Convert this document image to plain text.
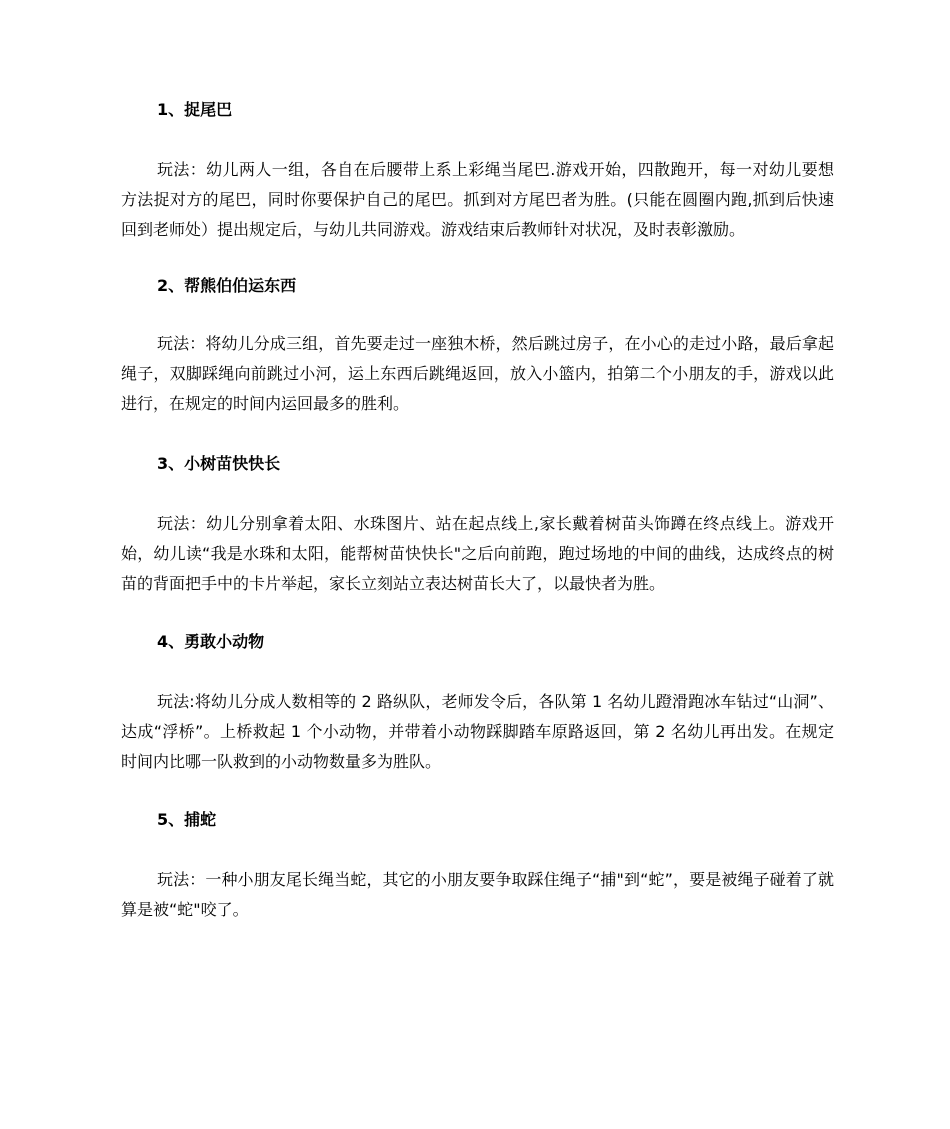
1、捉尾巴

玩法：幼儿两人一组，各自在后腰带上系上彩绳当尾巴.游戏开始，四散跑开，每一对幼儿要想方法捉对方的尾巴，同时你要保护自己的尾巴。抓到对方尾巴者为胜。(只能在圆圈内跑,抓到后快速回到老师处）提出规定后，与幼儿共同游戏。游戏结束后教师针对状况，及时表彰激励。

2、帮熊伯伯运东西

玩法：将幼儿分成三组，首先要走过一座独木桥，然后跳过房子，在小心的走过小路，最后拿起绳子，双脚踩绳向前跳过小河，运上东西后跳绳返回，放入小篮内，拍第二个小朋友的手，游戏以此进行，在规定的时间内运回最多的胜利。

3、小树苗快快长

玩法：幼儿分别拿着太阳、水珠图片、站在起点线上,家长戴着树苗头饰蹲在终点线上。游戏开始，幼儿读“我是水珠和太阳，能帮树苗快快长"之后向前跑，跑过场地的中间的曲线，达成终点的树苗的背面把手中的卡片举起，家长立刻站立表达树苗长大了，以最快者为胜。

4、勇敢小动物

玩法:将幼儿分成人数相等的 2 路纵队，老师发令后，各队第 1 名幼儿蹬滑跑冰车钻过“山洞”、达成“浮桥”。上桥救起 1 个小动物，并带着小动物踩脚踏车原路返回，第 2 名幼儿再出发。在规定时间内比哪一队救到的小动物数量多为胜队。

5、捕蛇

玩法：一种小朋友尾长绳当蛇，其它的小朋友要争取踩住绳子“捕"到“蛇”，要是被绳子碰着了就算是被“蛇"咬了。
